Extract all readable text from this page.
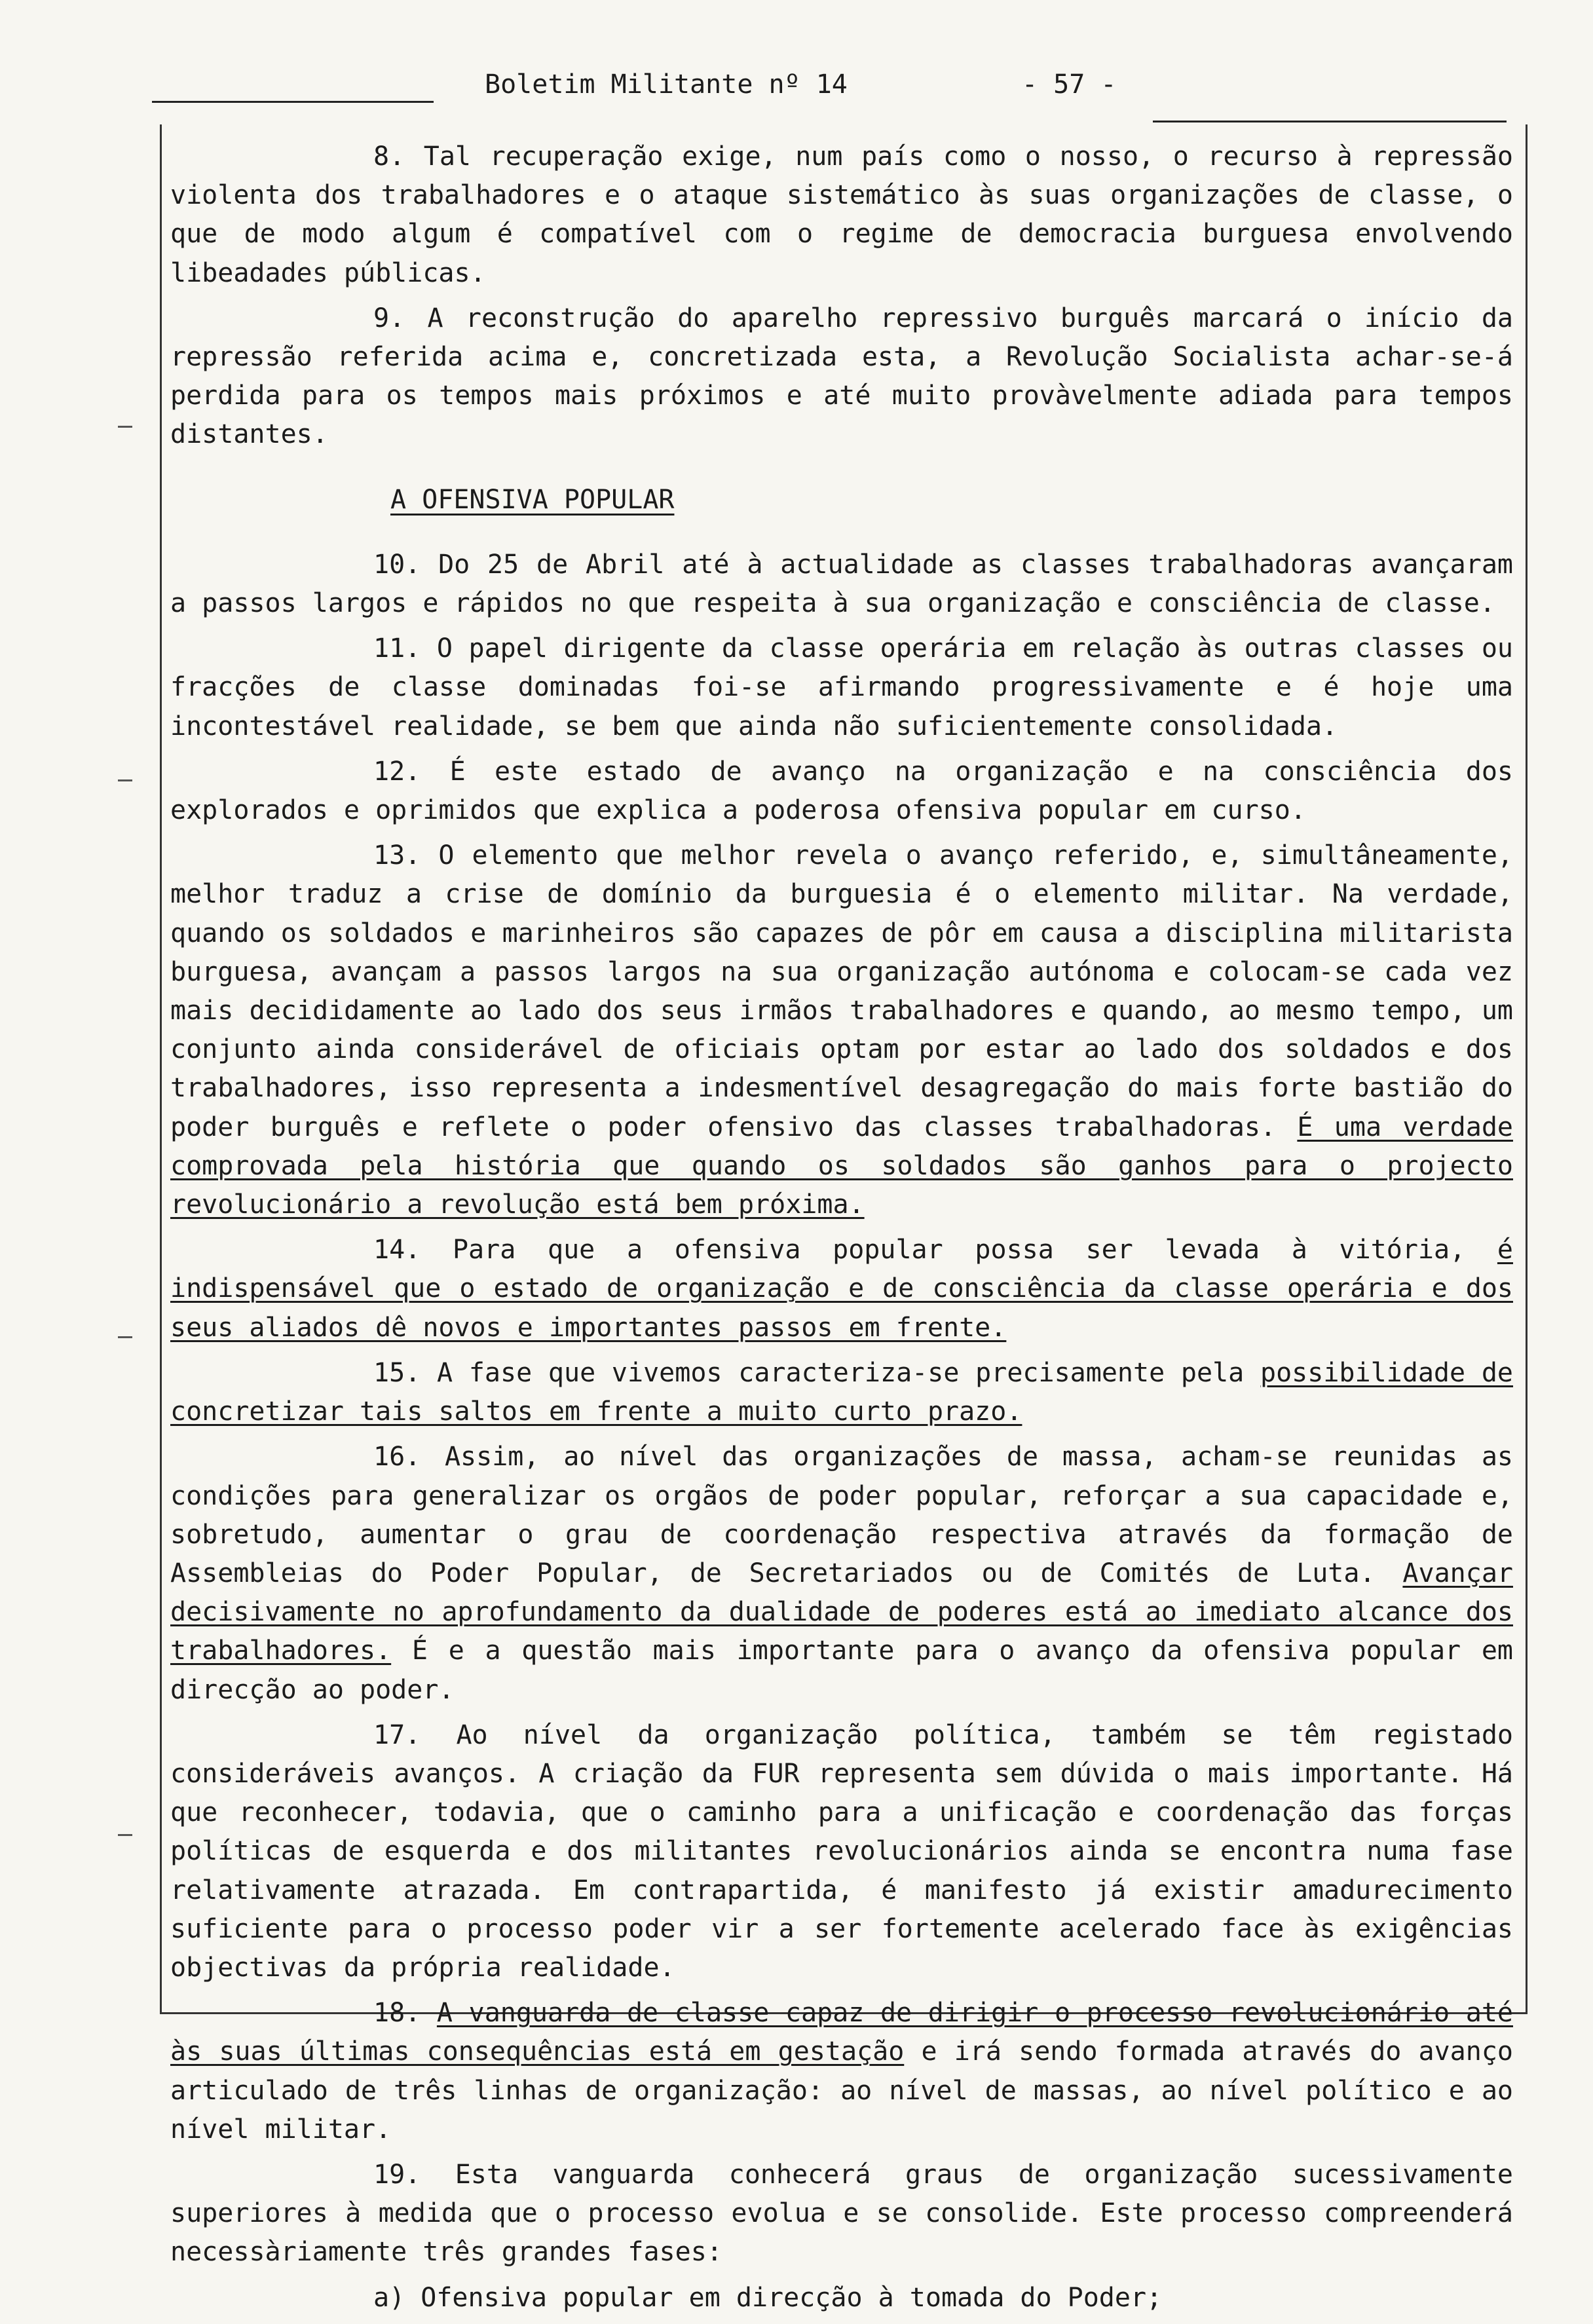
Boletim Militante nº 14	- 57 -

8. Tal recuperação exige, num país como o nosso, o recurso à repressão violenta dos trabalhadores e o ataque sistemático às suas organizações de classe, o que de modo algum é compatível com o regime de democracia burguesa envolvendo libeadades públicas.

9. A reconstrução do aparelho repressivo burguês marcará o início da repressão referida acima e, concretizada esta, a Revolução Socialista achar-se-á perdida para os tempos mais próximos e até muito provàvelmente adiada para tempos distantes.

A OFENSIVA POPULAR

10. Do 25 de Abril até à actualidade as classes trabalhadoras avançaram a passos largos e rápidos no que respeita à sua organização e consciência de classe.

11. O papel dirigente da classe operária em relação às outras classes ou fracções de classe dominadas foi-se afirmando progressivamente e é hoje uma incontestável realidade, se bem que ainda não suficientemente consolidada.

12. É este estado de avanço na organização e na consciência dos explorados e oprimidos que explica a poderosa ofensiva popular em curso.

13. O elemento que melhor revela o avanço referido, e, simultâneamente, melhor traduz a crise de domínio da burguesia é o elemento militar. Na verdade, quando os soldados e marinheiros são capazes de pôr em causa a disciplina militarista burguesa, avançam a passos largos na sua organização autónoma e colocam-se cada vez mais decididamente ao lado dos seus irmãos trabalhadores e quando, ao mesmo tempo, um conjunto ainda considerável de oficiais optam por estar ao lado dos soldados e dos trabalhadores, isso representa a indesmentível desagregação do mais forte bastião do poder burguês e reflete o poder ofensivo das classes trabalhadoras. É uma verdade comprovada pela história que quando os soldados são ganhos para o projecto revolucionário a revolução está bem próxima.

14. Para que a ofensiva popular possa ser levada à vitória, é indispensável que o estado de organização e de consciência da classe operária e dos seus aliados dê novos e importantes passos em frente.

15. A fase que vivemos caracteriza-se precisamente pela possibilidade de concretizar tais saltos em frente a muito curto prazo.

16. Assim, ao nível das organizações de massa, acham-se reunidas as condições para generalizar os orgãos de poder popular, reforçar a sua capacidade e, sobretudo, aumentar o grau de coordenação respectiva através da formação de Assembleias do Poder Popular, de Secretariados ou de Comités de Luta. Avançar decisivamente no aprofundamento da dualidade de poderes está ao imediato alcance dos trabalhadores. É e a questão mais importante para o avanço da ofensiva popular em direcção ao poder.

17. Ao nível da organização política, também se têm registado consideráveis avanços. A criação da FUR representa sem dúvida o mais importante. Há que reconhecer, todavia, que o caminho para a unificação e coordenação das forças políticas de esquerda e dos militantes revolucionários ainda se encontra numa fase relativamente atrazada. Em contrapartida, é manifesto já existir amadurecimento suficiente para o processo poder vir a ser fortemente acelerado face às exigências objectivas da própria realidade.

18. A vanguarda de classe capaz de dirigir o processo revolucionário até às suas últimas consequências está em gestação e irá sendo formada através do avanço articulado de três linhas de organização: ao nível de massas, ao nível político e ao nível militar.

19. Esta vanguarda conhecerá graus de organização sucessivamente superiores à medida que o processo evolua e se consolide. Este processo compreenderá necessàriamente três grandes fases:

a) Ofensiva popular em direcção à tomada do Poder;
